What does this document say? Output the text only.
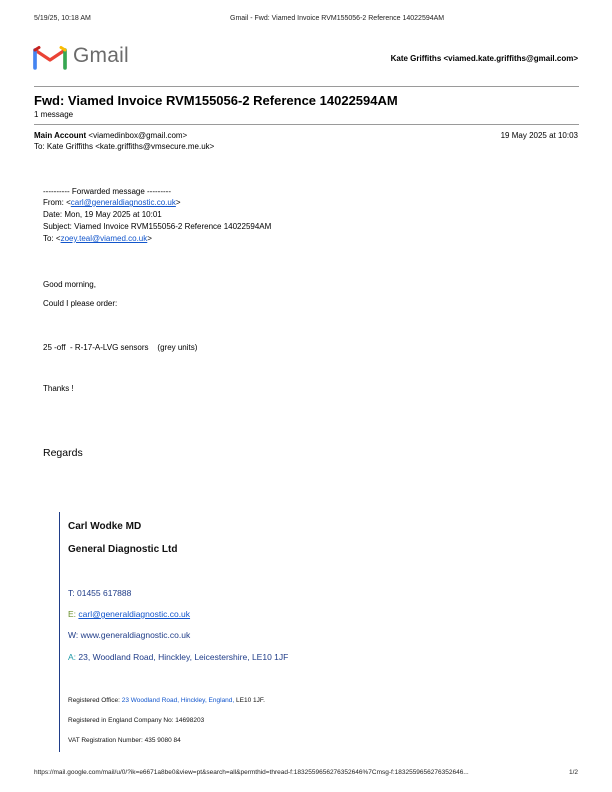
5/19/25, 10:18 AM	Gmail - Fwd: Viamed Invoice RVM155056-2 Reference 14022594AM
Gmail	Kate Griffiths <viamed.kate.griffiths@gmail.com>
Fwd: Viamed Invoice RVM155056-2 Reference 14022594AM
1 message
Main Account <viamedinbox@gmail.com>	19 May 2025 at 10:03
To: Kate Griffiths <kate.griffiths@vmsecure.me.uk>
---------- Forwarded message ---------
From: <carl@generaldiagnostic.co.uk>
Date: Mon, 19 May 2025 at 10:01
Subject: Viamed Invoice RVM155056-2 Reference 14022594AM
To: <zoey.teal@viamed.co.uk>
Good morning,
Could I please order:
25 -off  - R-17-A-LVG sensors    (grey units)
Thanks !
Regards
Carl Wodke MD
General Diagnostic Ltd
T: 01455 617888
E: carl@generaldiagnostic.co.uk
W: www.generaldiagnostic.co.uk
A: 23, Woodland Road, Hinckley, Leicestershire, LE10 1JF
Registered Office: 23 Woodland Road, Hinckley, England, LE10 1JF.
Registered in England Company No: 14698203
VAT Registration Number: 435 9080 84
https://mail.google.com/mail/u/0/?ik=e6671a8be0&view=pt&search=all&permthid=thread-f:1832559656276352646%7Cmsg-f:1832559656276352646...	1/2
